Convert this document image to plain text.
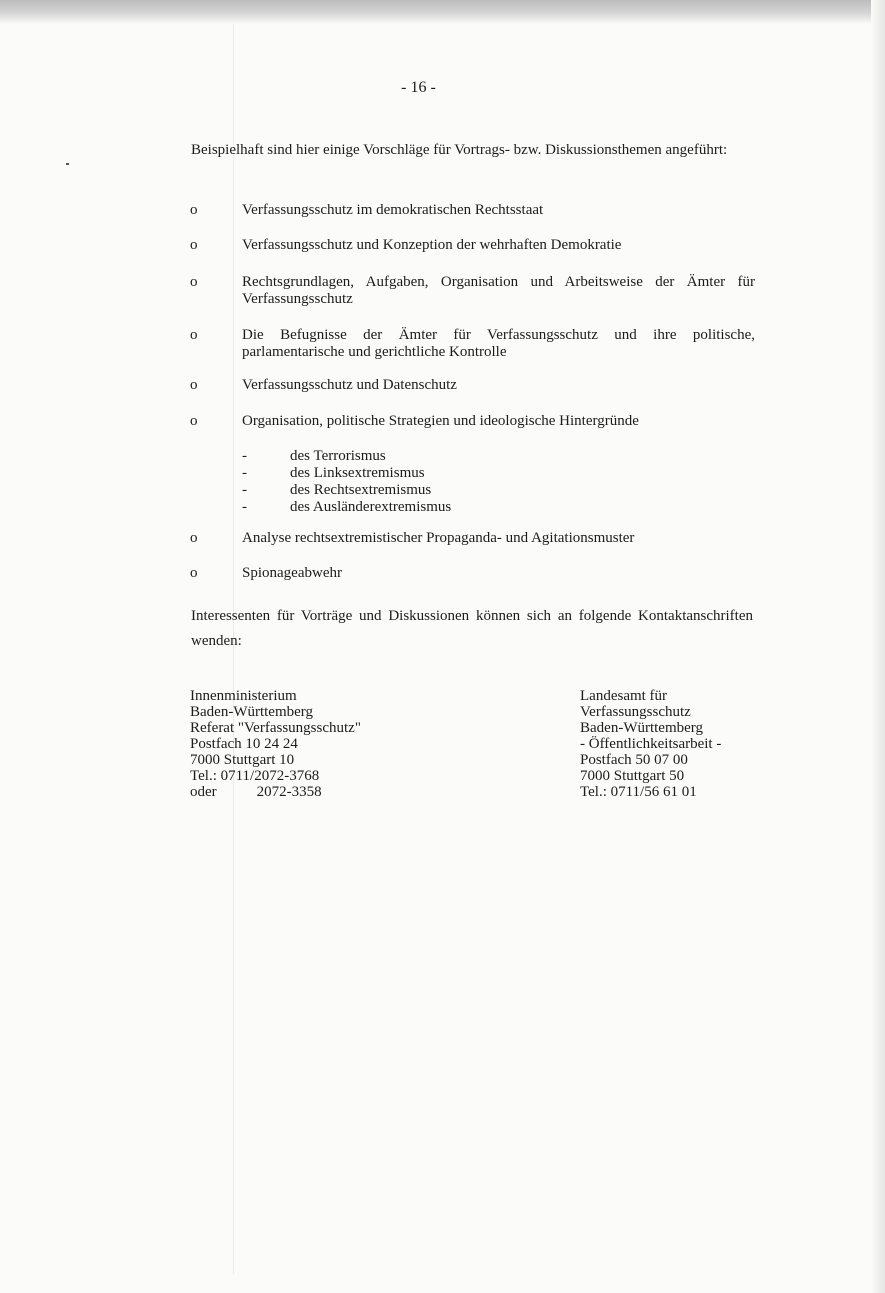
- 16 -

Beispielhaft sind hier einige Vorschläge für Vortrags- bzw. Diskussionsthemen angeführt:

o	Verfassungsschutz im demokratischen Rechtsstaat
o	Verfassungsschutz und Konzeption der wehrhaften Demokratie
o	Rechtsgrundlagen, Aufgaben, Organisation und Arbeitsweise der Ämter für Verfassungsschutz
o	Die Befugnisse der Ämter für Verfassungsschutz und ihre politische, parlamentarische und gerichtliche Kontrolle
o	Verfassungsschutz und Datenschutz
o	Organisation, politische Strategien und ideologische Hintergründe
-	des Terrorismus
-	des Linksextremismus
-	des Rechtsextremismus
-	des Ausländerextremismus
o	Analyse rechtsextremistischer Propaganda- und Agitationsmuster
o	Spionageabwehr

Interessenten für Vorträge und Diskussionen können sich an folgende Kontaktanschriften wenden:

Innenministerium
Baden-Württemberg
Referat "Verfassungsschutz"
Postfach 10 24 24
7000 Stuttgart 10
Tel.: 0711/2072-3768
oder	2072-3358
Landesamt für
Verfassungsschutz
Baden-Württemberg
- Öffentlichkeitsarbeit -
Postfach 50 07 00
7000 Stuttgart 50
Tel.: 0711/56 61 01
